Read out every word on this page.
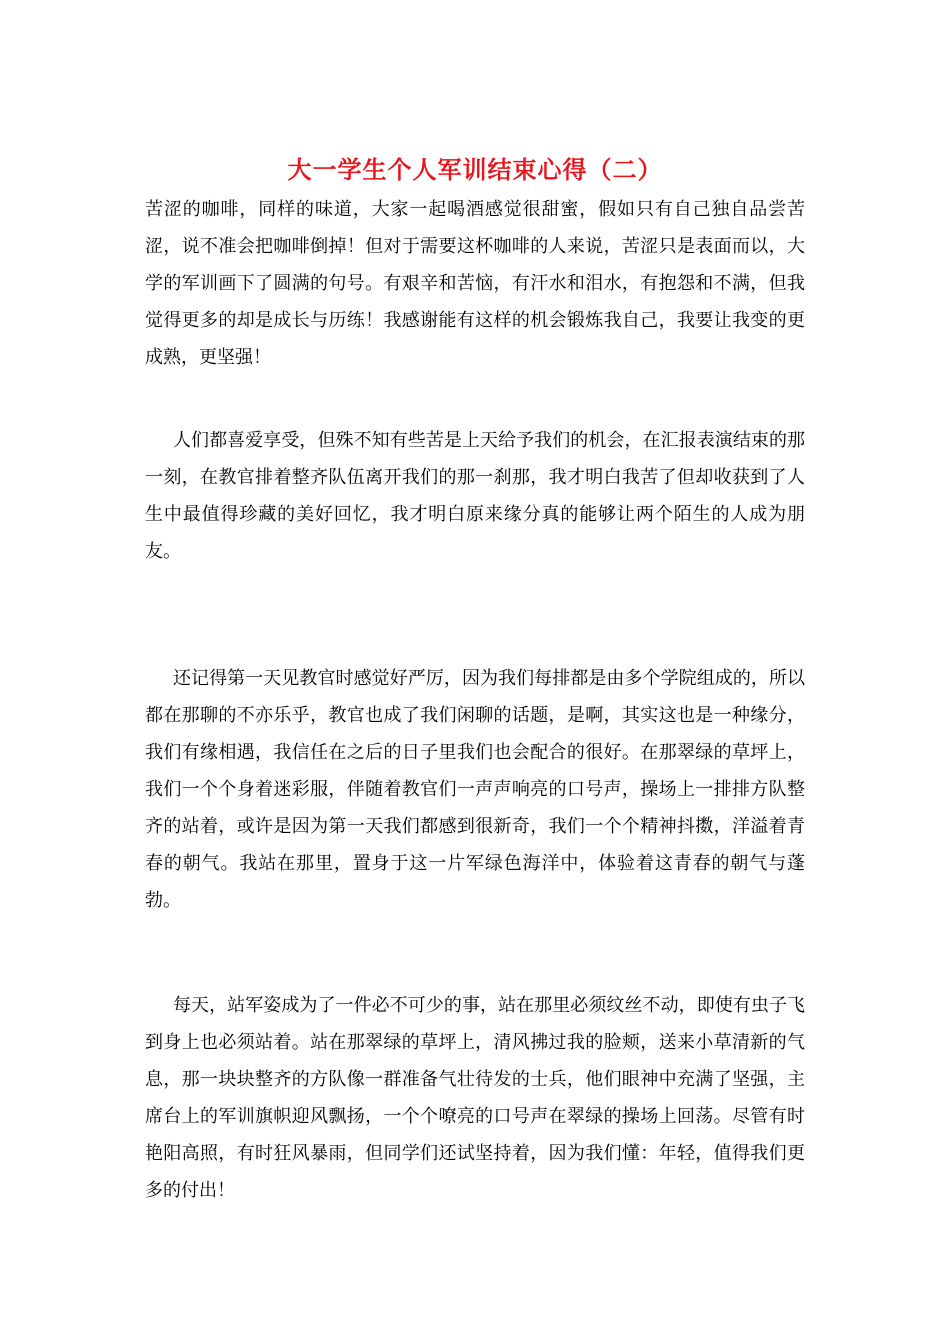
大一学生个人军训结束心得（二）

苦涩的咖啡，同样的味道，大家一起喝酒感觉很甜蜜，假如只有自己独自品尝苦涩，说不准会把咖啡倒掉！但对于需要这杯咖啡的人来说，苦涩只是表面而以，大学的军训画下了圆满的句号。有艰辛和苦恼，有汗水和泪水，有抱怨和不满，但我觉得更多的却是成长与历练！我感谢能有这样的机会锻炼我自己，我要让我变的更成熟，更坚强！

人们都喜爱享受，但殊不知有些苦是上天给予我们的机会，在汇报表演结束的那一刻，在教官排着整齐队伍离开我们的那一刹那，我才明白我苦了但却收获到了人生中最值得珍藏的美好回忆，我才明白原来缘分真的能够让两个陌生的人成为朋友。

还记得第一天见教官时感觉好严厉，因为我们每排都是由多个学院组成的，所以都在那聊的不亦乐乎，教官也成了我们闲聊的话题，是啊，其实这也是一种缘分，我们有缘相遇，我信任在之后的日子里我们也会配合的很好。在那翠绿的草坪上，我们一个个身着迷彩服，伴随着教官们一声声响亮的口号声，操场上一排排方队整齐的站着，或许是因为第一天我们都感到很新奇，我们一个个精神抖擞，洋溢着青春的朝气。我站在那里，置身于这一片军绿色海洋中，体验着这青春的朝气与蓬勃。

每天，站军姿成为了一件必不可少的事，站在那里必须纹丝不动，即使有虫子飞到身上也必须站着。站在那翠绿的草坪上，清风拂过我的脸颊，送来小草清新的气息，那一块块整齐的方队像一群准备气壮待发的士兵，他们眼神中充满了坚强，主席台上的军训旗帜迎风飘扬，一个个嘹亮的口号声在翠绿的操场上回荡。尽管有时艳阳高照，有时狂风暴雨，但同学们还试坚持着，因为我们懂：年轻，值得我们更多的付出！
